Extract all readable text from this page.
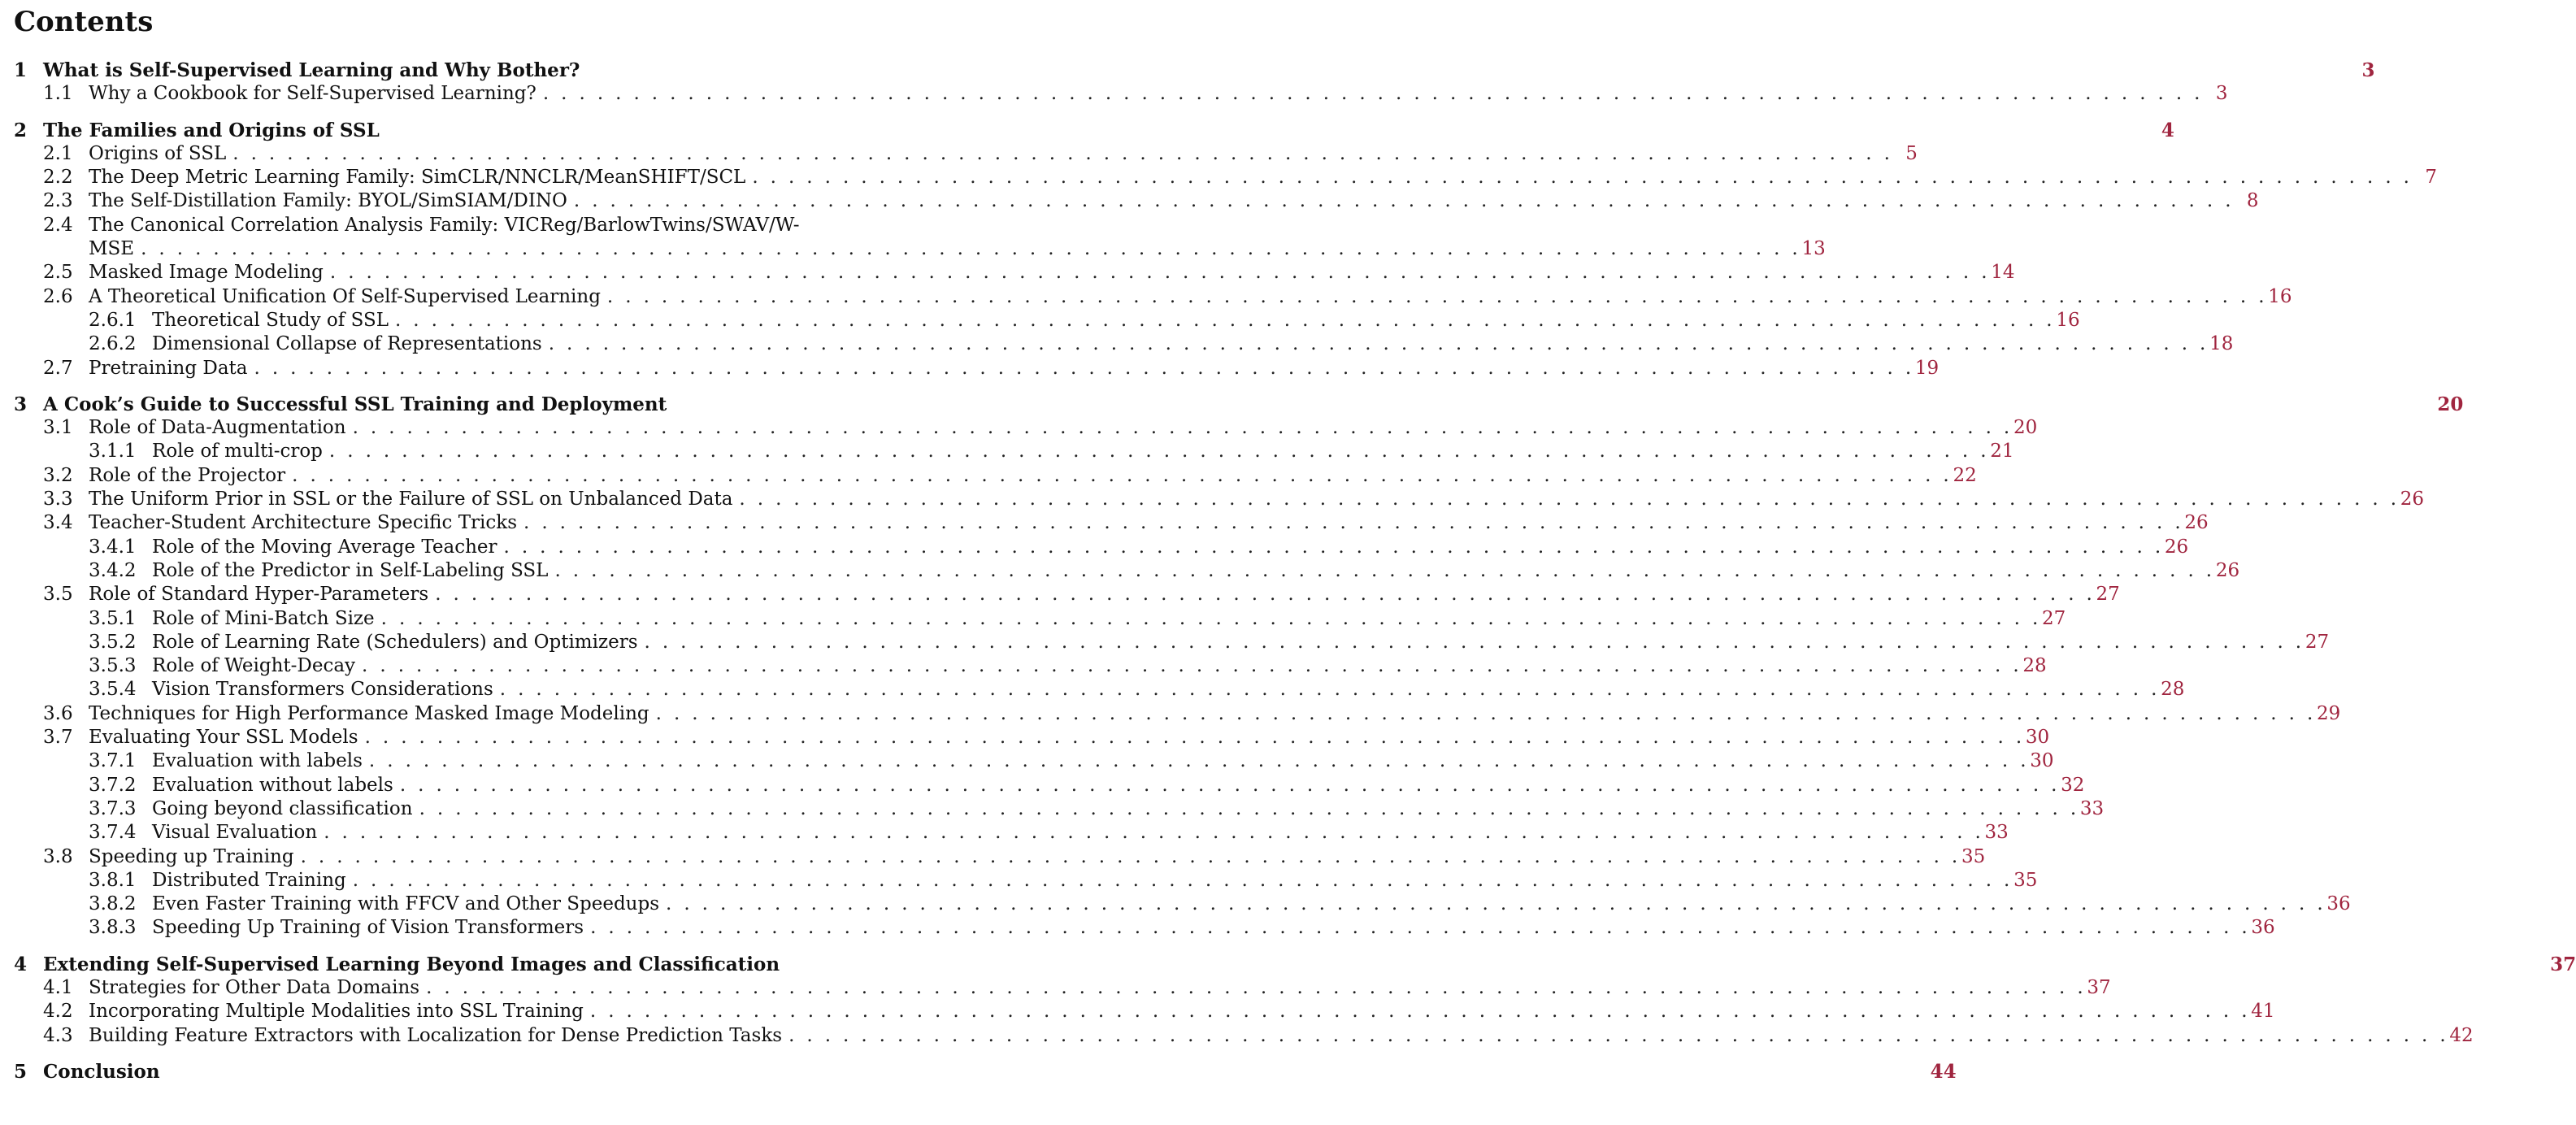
Contents
1 What is Self-Supervised Learning and Why Bother?	3
1.1 Why a Cookbook for Self-Supervised Learning? . . .	3
2 The Families and Origins of SSL	4
2.1 Origins of SSL . . .	5
2.2 The Deep Metric Learning Family: SimCLR/NNCLR/MeanSHIFT/SCL . . .	7
2.3 The Self-Distillation Family: BYOL/SimSIAM/DINO . . .	8
2.4 The Canonical Correlation Analysis Family: VICReg/BarlowTwins/SWAV/W-
MSE . . .	13
2.5 Masked Image Modeling . . .	14
2.6 A Theoretical Unification Of Self-Supervised Learning . . .	16
2.6.1 Theoretical Study of SSL . . .	16
2.6.2 Dimensional Collapse of Representations . . .	18
2.7 Pretraining Data . . .	19
3 A Cook’s Guide to Successful SSL Training and Deployment	20
3.1 Role of Data-Augmentation . . .	20
3.1.1 Role of multi-crop . . .	21
3.2 Role of the Projector . . .	22
3.3 The Uniform Prior in SSL or the Failure of SSL on Unbalanced Data . . .	26
3.4 Teacher-Student Architecture Specific Tricks . . .	26
3.4.1 Role of the Moving Average Teacher . . .	26
3.4.2 Role of the Predictor in Self-Labeling SSL . . .	26
3.5 Role of Standard Hyper-Parameters . . .	27
3.5.1 Role of Mini-Batch Size . . .	27
3.5.2 Role of Learning Rate (Schedulers) and Optimizers . . .	27
3.5.3 Role of Weight-Decay . . .	28
3.5.4 Vision Transformers Considerations . . .	28
3.6 Techniques for High Performance Masked Image Modeling . . .	29
3.7 Evaluating Your SSL Models . . .	30
3.7.1 Evaluation with labels . . .	30
3.7.2 Evaluation without labels . . .	32
3.7.3 Going beyond classification . . .	33
3.7.4 Visual Evaluation . . .	33
3.8 Speeding up Training . . .	35
3.8.1 Distributed Training . . .	35
3.8.2 Even Faster Training with FFCV and Other Speedups . . .	36
3.8.3 Speeding Up Training of Vision Transformers . . .	36
4 Extending Self-Supervised Learning Beyond Images and Classification	37
4.1 Strategies for Other Data Domains . . .	37
4.2 Incorporating Multiple Modalities into SSL Training . . .	41
4.3 Building Feature Extractors with Localization for Dense Prediction Tasks . . .	42
5 Conclusion	44
